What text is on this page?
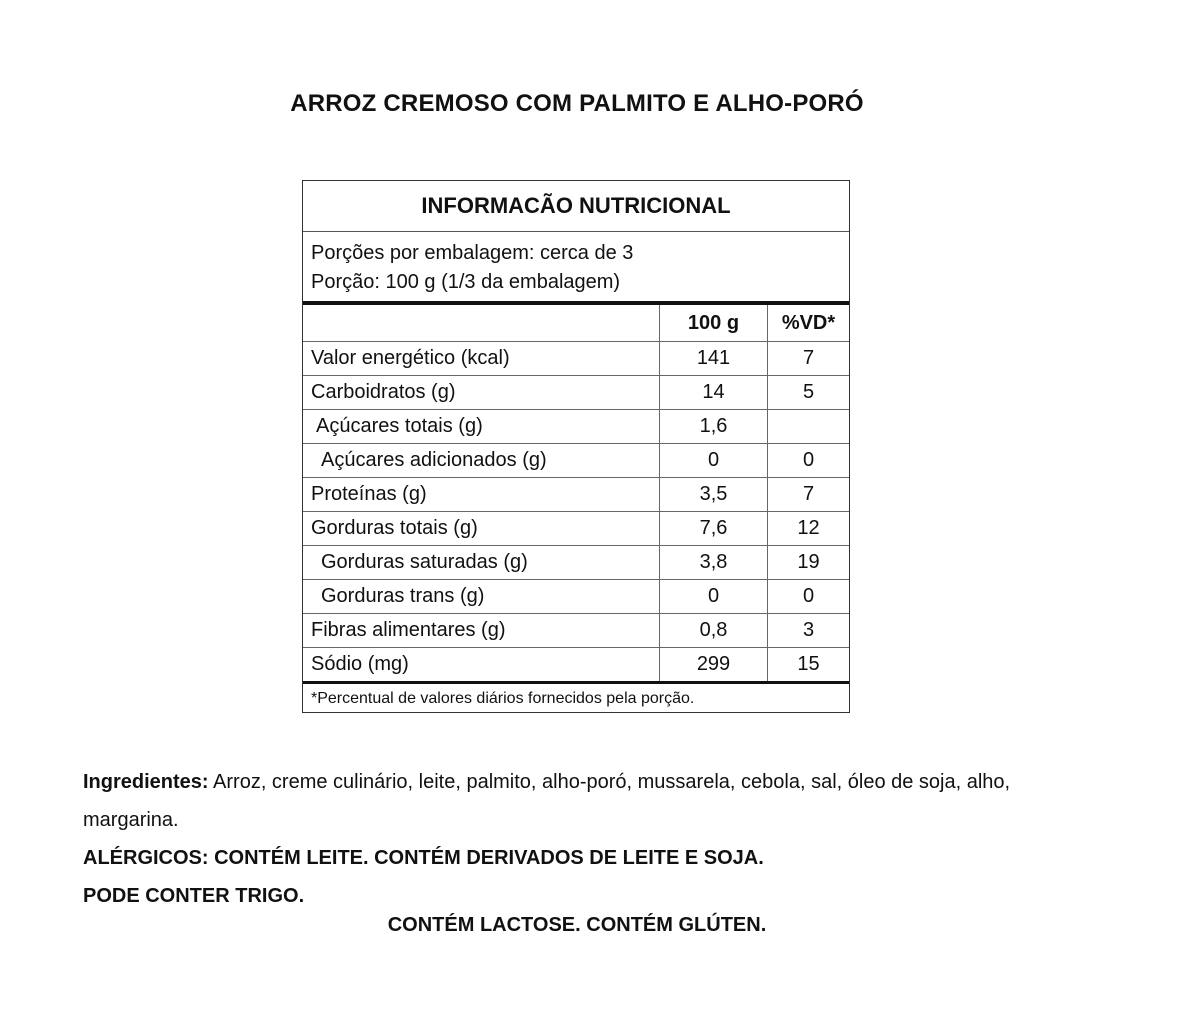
ARROZ CREMOSO COM PALMITO E ALHO-PORÓ
INFORMACÃO NUTRICIONAL
Porções por embalagem: cerca de 3
Porção: 100 g (1/3 da embalagem)
	100 g	%VD*
Valor energético (kcal)	141	7
Carboidratos (g)	14	5
Açúcares totais (g)	1,6	
Açúcares adicionados (g)	0	0
Proteínas (g)	3,5	7
Gorduras totais (g)	7,6	12
Gorduras saturadas (g)	3,8	19
Gorduras trans (g)	0	0
Fibras alimentares (g)	0,8	3
Sódio (mg)	299	15
*Percentual de valores diários fornecidos pela porção.
Ingredientes: Arroz, creme culinário, leite, palmito, alho-poró, mussarela, cebola, sal, óleo de soja, alho, margarina.
ALÉRGICOS: CONTÉM LEITE. CONTÉM DERIVADOS DE LEITE E SOJA.
PODE CONTER TRIGO.
CONTÉM LACTOSE. CONTÉM GLÚTEN.
